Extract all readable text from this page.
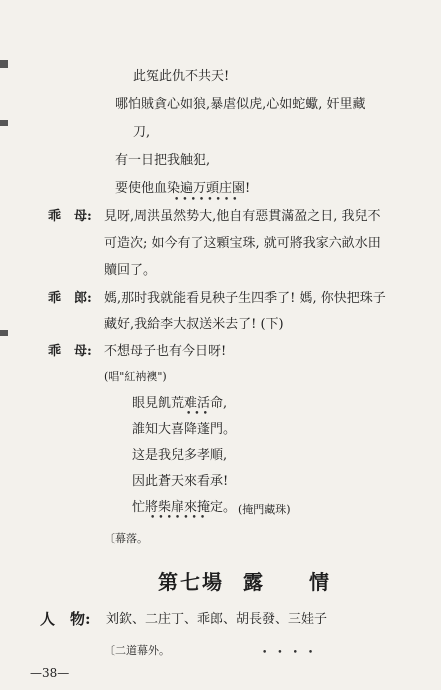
此冤此仇不共天!
哪怕賊貪心如狼,暴虐似虎,心如蛇蠍, 奸里藏
刀,
有一日把我触犯,
要使他血染遍万頭庄園!
••••••••
乖　母: 見呀,周洪虽然势大,他自有惡貫滿盈之日, 我兒不
可造次; 如今有了这顆宝珠, 就可將我家六畝水田
贖回了。
乖　郎: 媽,那时我就能看見秧子生四季了! 媽, 你快把珠子
藏好,我給李大叔送米去了! (下)
乖　母: 不想母子也有今日呀!
(唱"紅衲襖")
眼見飢荒难活命,
•••
誰知大喜降蓬門。
这是我兒多孝順,
因此蒼天來看承!
忙將柴扉來掩定。 (掩門藏珠)
•••••••
〔幕落。
第七場 露　　情
人　物: 刘欽、二庄丁、乖郎、胡長發、三娃子
〔二道幕外。	••••
—38—
